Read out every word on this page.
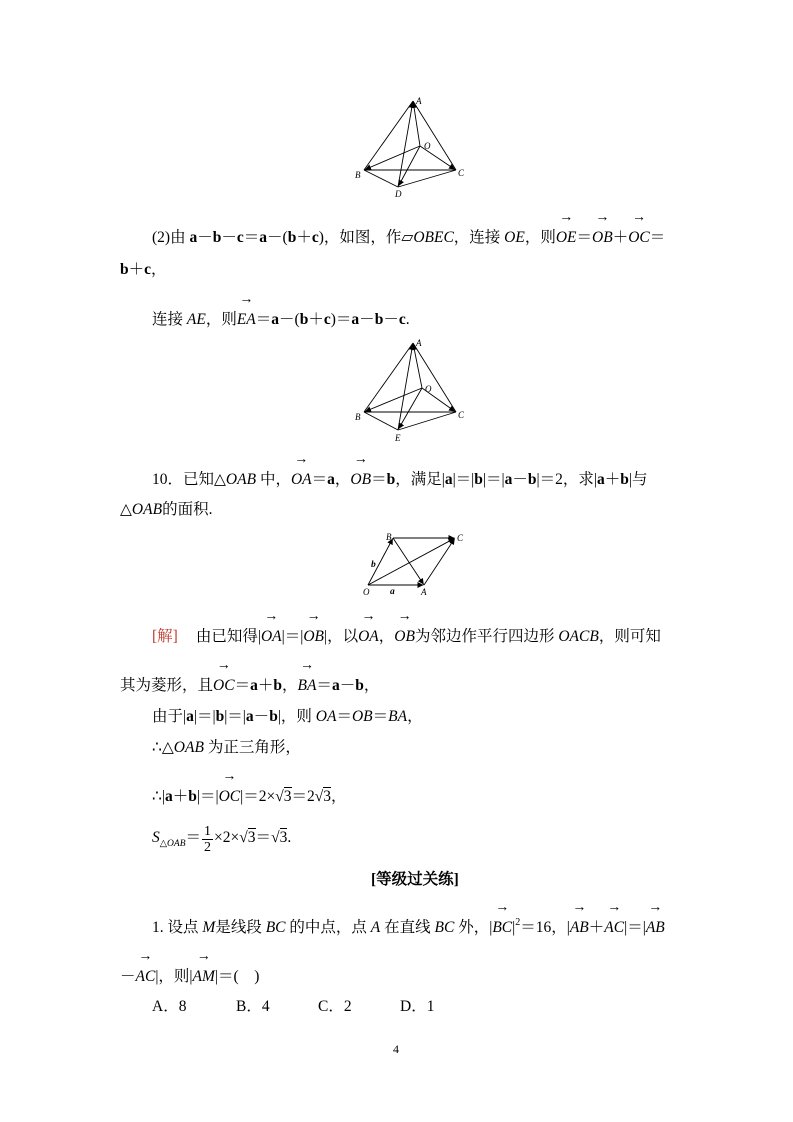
A
O
B	C
D
(2)由 a － b － c ＝ a －( b ＋ c )，如图，作▱ OBEC ，连接 OE ，则 → OE ＝ → OB ＋ → OC ＝
b ＋ c ，
连接 AE ，则 → EA ＝ a －( b ＋ c )＝ a － b － c .
A
O
B	C
E
10．已知△ OAB 中， → OA ＝ a ， → OB ＝ b ，满足| a |＝| b |＝| a － b |＝2，求| a ＋ b |与
△ OAB 的面积.
B	C
b
O a	A
[解] 由已知得| → OA |＝| → OB |，以 → OA ， → OB 为邻边作平行四边形 OACB ，则可知
其为菱形，且 → OC ＝ a ＋ b ， → BA ＝ a － b ，
由于| a |＝| b |＝| a － b |，则 OA ＝ OB ＝ BA ，
∴△ OAB 为正三角形，
∴| a ＋ b |＝| → OC |＝2× √ 3 ＝2 √ 3 ，
S △OAB ＝ $\frac{1}{2} \times 2\times$ √ 3 ＝ √ 3 .
[等级过关练]
1. 设点 M 是线段 BC 的中点，点 A 在直线 BC 外，| → BC | 2 ＝16，| → AB ＋ → AC |＝| → AB
－ → AC |，则| → AM |＝(    )
A．8	B．4	C．2	D．1
4
